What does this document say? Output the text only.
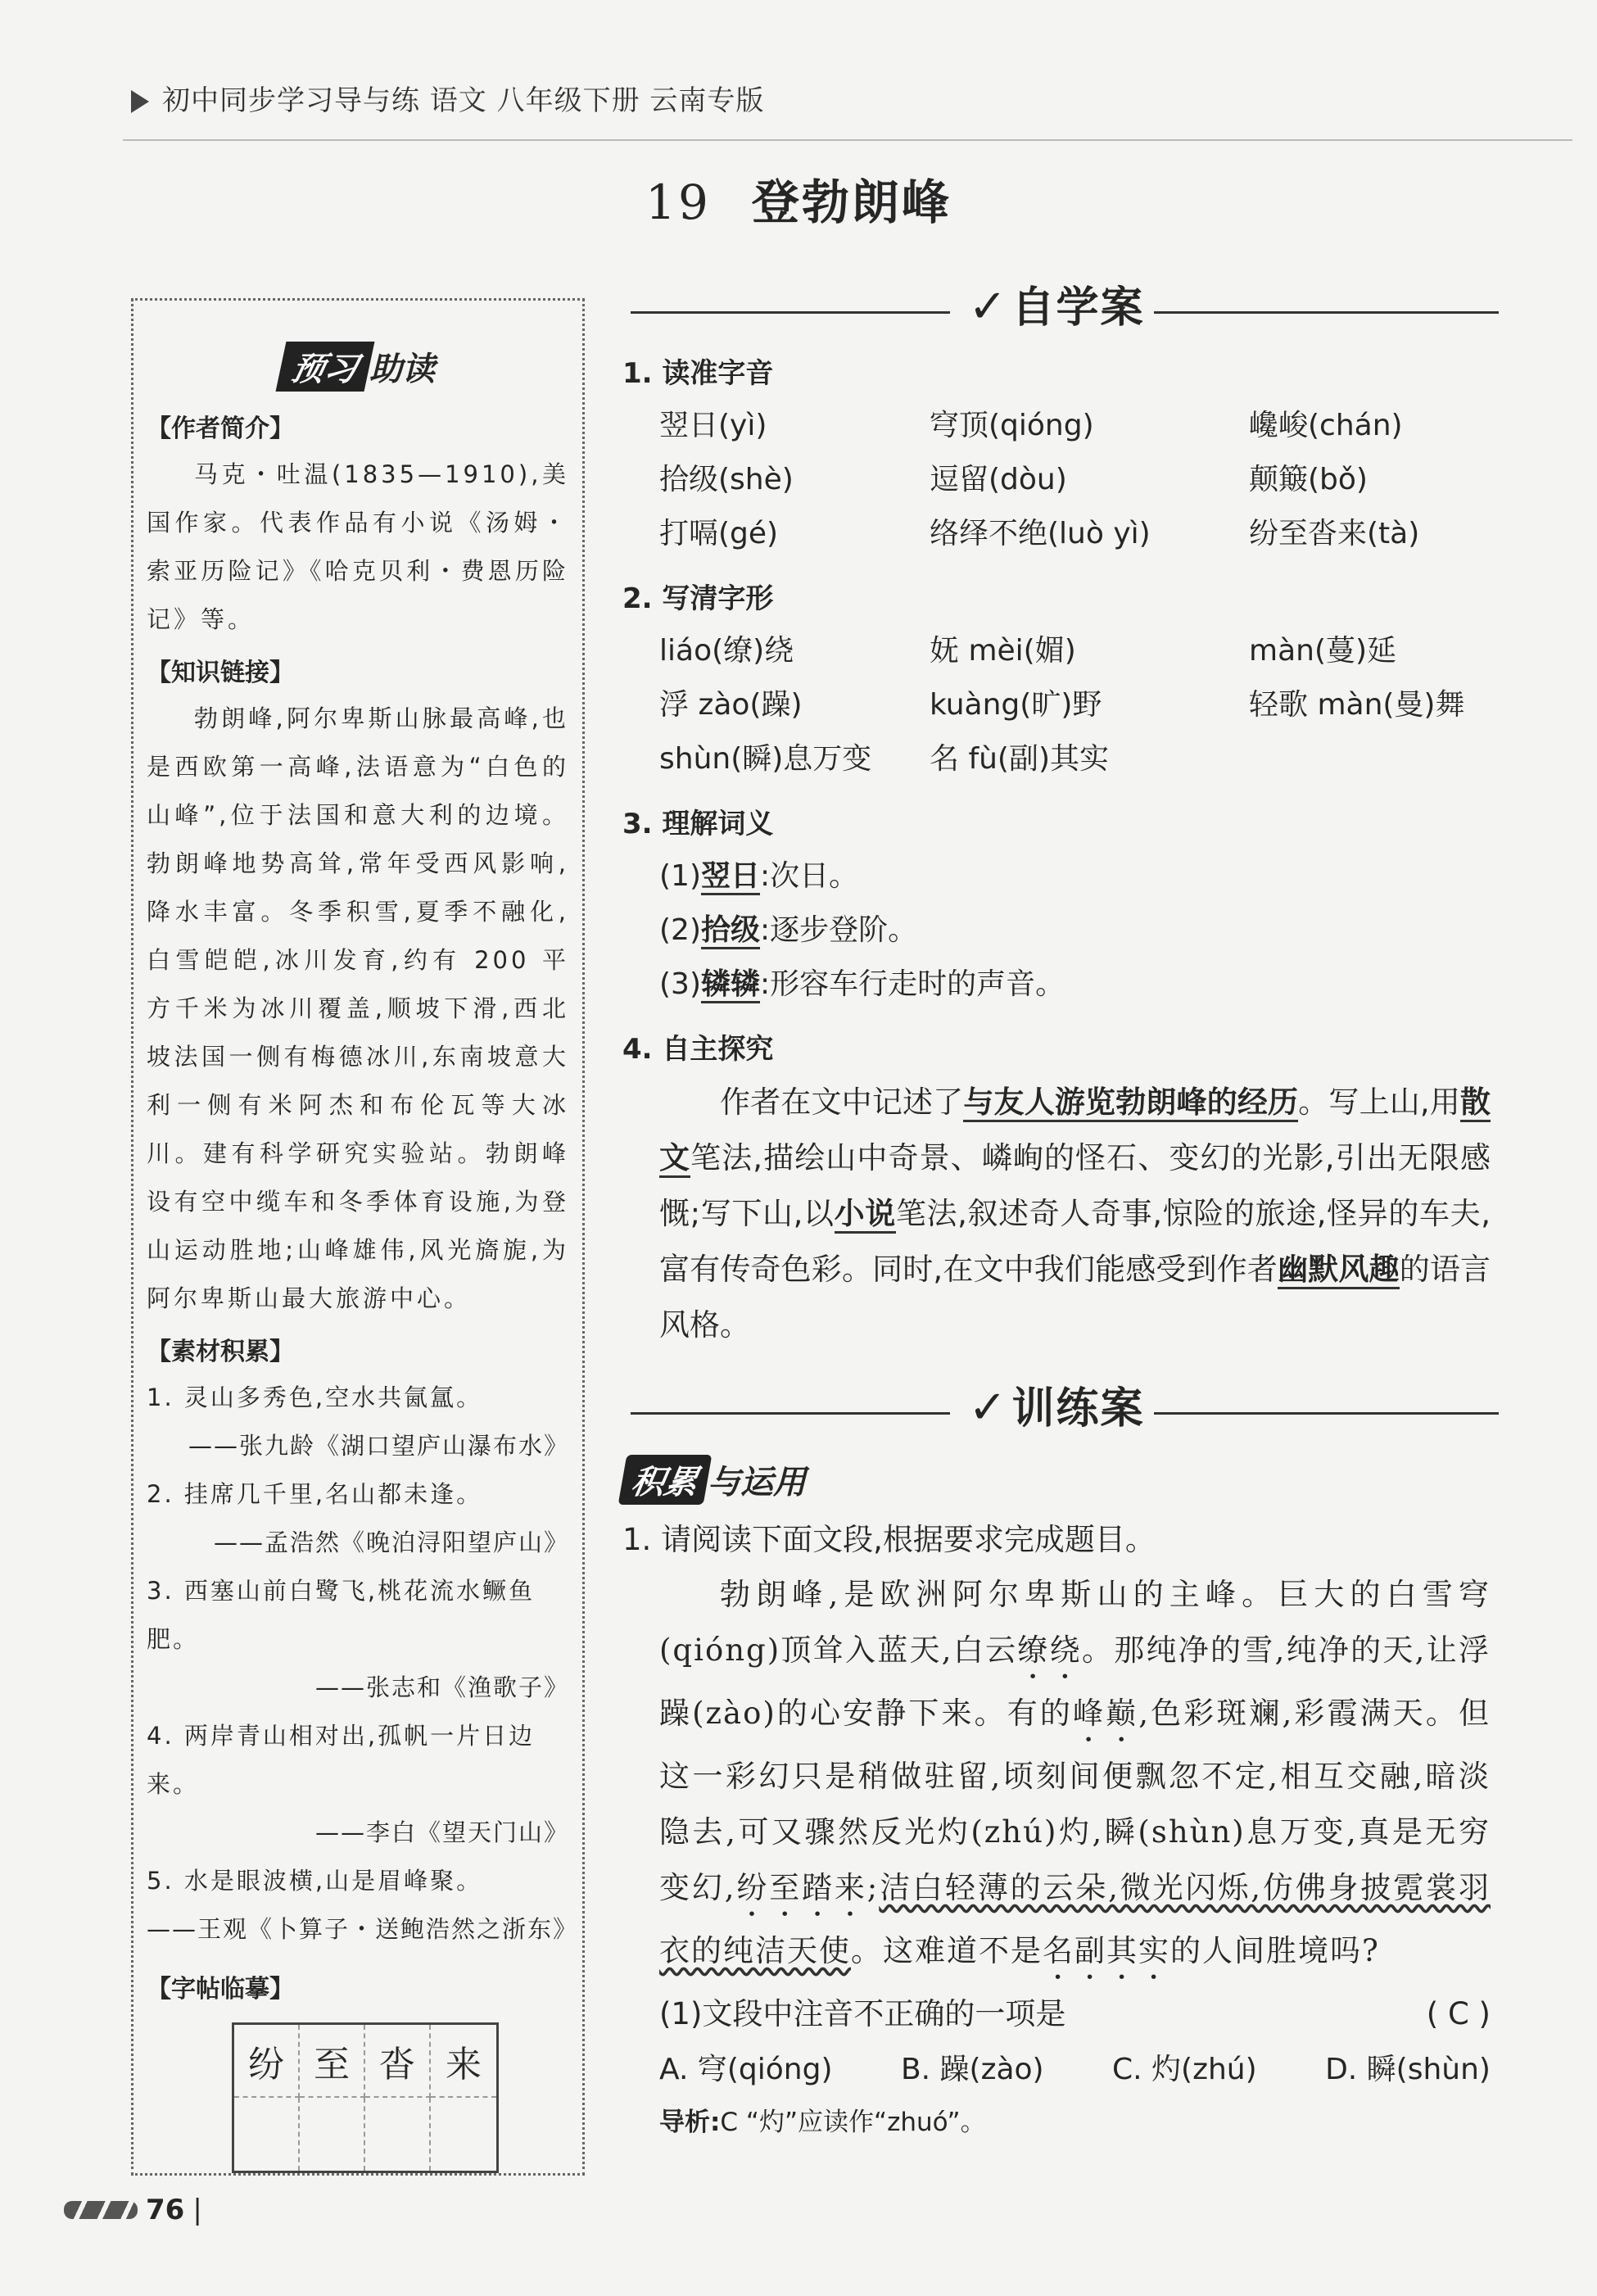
初中同步学习导与练 语文 八年级下册 云南专版
19 登勃朗峰
预习 助读
【作者简介】

马克・吐温(1835—1910),美国作家。代表作品有小说《汤姆・索亚历险记》《哈克贝利・费恩历险记》等。

【知识链接】

勃朗峰,阿尔卑斯山脉最高峰,也是西欧第一高峰,法语意为“白色的山峰”,位于法国和意大利的边境。勃朗峰地势高耸,常年受西风影响,降水丰富。冬季积雪,夏季不融化,白雪皑皑,冰川发育,约有 200 平方千米为冰川覆盖,顺坡下滑,西北坡法国一侧有梅德冰川,东南坡意大利一侧有米阿杰和布伦瓦等大冰川。建有科学研究实验站。勃朗峰设有空中缆车和冬季体育设施,为登山运动胜地;山峰雄伟,风光旖旎,为阿尔卑斯山最大旅游中心。

【素材积累】

1. 灵山多秀色,空水共氤氲。

——张九龄《湖口望庐山瀑布水》

2. 挂席几千里,名山都未逢。

——孟浩然《晚泊浔阳望庐山》

3. 西塞山前白鹭飞,桃花流水鳜鱼肥。

——张志和《渔歌子》

4. 两岸青山相对出,孤帆一片日边来。

——李白《望天门山》

5. 水是眼波横,山是眉峰聚。

——王观《卜算子・送鲍浩然之浙东》

【字帖临摹】
纷 至 沓 来
✓自学案
1. 读准字音
翌日(yì)	穹顶(qióng)	巉峻(chán)
拾级(shè)	逗留(dòu)	颠簸(bǒ)
打嗝(gé)	络绎不绝(luò yì)	纷至沓来(tà)
2. 写清字形
liáo(缭)绕	妩 mèi(媚)	màn(蔓)延
浮 zào(躁)	kuàng(旷)野	轻歌 màn(曼)舞
shùn(瞬)息万变	名 fù(副)其实
3. 理解词义
(1)翌日:次日。
(2)拾级:逐步登阶。
(3)辚辚:形容车行走时的声音。
4. 自主探究

作者在文中记述了与友人游览勃朗峰的经历。写上山,用散文笔法,描绘山中奇景、嶙峋的怪石、变幻的光影,引出无限感慨;写下山,以小说笔法,叙述奇人奇事,惊险的旅途,怪异的车夫,富有传奇色彩。同时,在文中我们能感受到作者幽默风趣的语言风格。

✓训练案
积累 与运用
1. 请阅读下面文段,根据要求完成题目。

勃朗峰,是欧洲阿尔卑斯山的主峰。巨大的白雪穹(qióng)顶耸入蓝天,白云缭绕。那纯净的雪,纯净的天,让浮躁(zào)的心安静下来。有的峰巅,色彩斑斓,彩霞满天。但这一彩幻只是稍做驻留,顷刻间便飘忽不定,相互交融,暗淡隐去,可又骤然反光灼(zhú)灼,瞬(shùn)息万变,真是无穷变幻,纷至踏来;洁白轻薄的云朵,微光闪烁,仿佛身披霓裳羽衣的纯洁天使。这难道不是名副其实的人间胜境吗?

(1)文段中注音不正确的一项是	( C )
A. 穹(qióng) B. 躁(zào) C. 灼(zhú) D. 瞬(shùn)
导析:C “灼”应读作“zhuó”。
76 |
